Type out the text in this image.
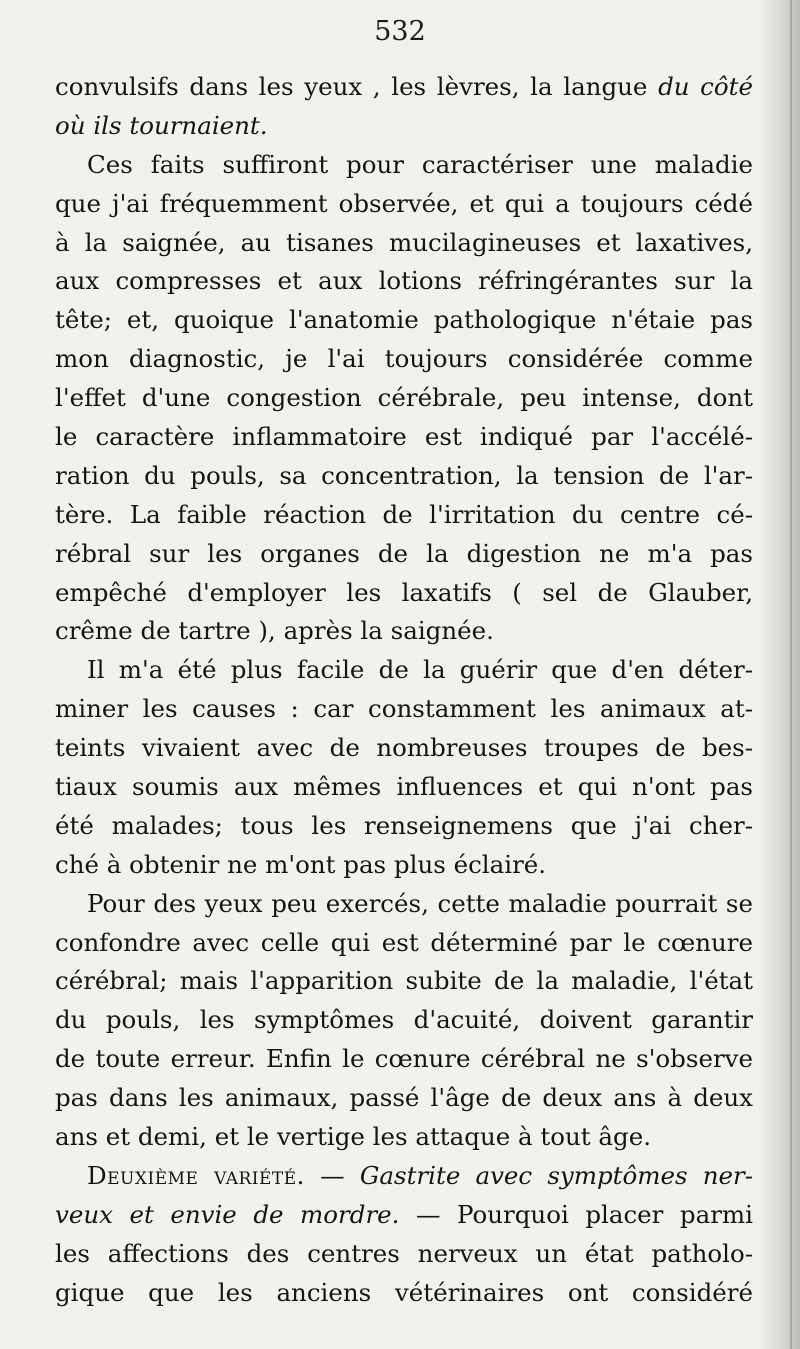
532
convulsifs dans les yeux , les lèvres, la langue du côté
où ils tournaient.
Ces faits suffiront pour caractériser une maladie
que j'ai fréquemment observée, et qui a toujours cédé
à la saignée, au tisanes mucilagineuses et laxatives,
aux compresses et aux lotions réfringérantes sur la
tête; et, quoique l'anatomie pathologique n'étaie pas
mon diagnostic, je l'ai toujours considérée comme
l'effet d'une congestion cérébrale, peu intense, dont
le caractère inflammatoire est indiqué par l'accélé-
ration du pouls, sa concentration, la tension de l'ar-
tère. La faible réaction de l'irritation du centre cé-
rébral sur les organes de la digestion ne m'a pas
empêché d'employer les laxatifs ( sel de Glauber,
crême de tartre ), après la saignée.
Il m'a été plus facile de la guérir que d'en déter-
miner les causes : car constamment les animaux at-
teints vivaient avec de nombreuses troupes de bes-
tiaux soumis aux mêmes influences et qui n'ont pas
été malades; tous les renseignemens que j'ai cher-
ché à obtenir ne m'ont pas plus éclairé.
Pour des yeux peu exercés, cette maladie pourrait se
confondre avec celle qui est déterminé par le cœnure
cérébral; mais l'apparition subite de la maladie, l'état
du pouls, les symptômes d'acuité, doivent garantir
de toute erreur. Enfin le cœnure cérébral ne s'observe
pas dans les animaux, passé l'âge de deux ans à deux
ans et demi, et le vertige les attaque à tout âge.
Deuxième variété. — Gastrite avec symptômes ner-
veux et envie de mordre. — Pourquoi placer parmi
les affections des centres nerveux un état patholo-
gique que les anciens vétérinaires ont considéré
